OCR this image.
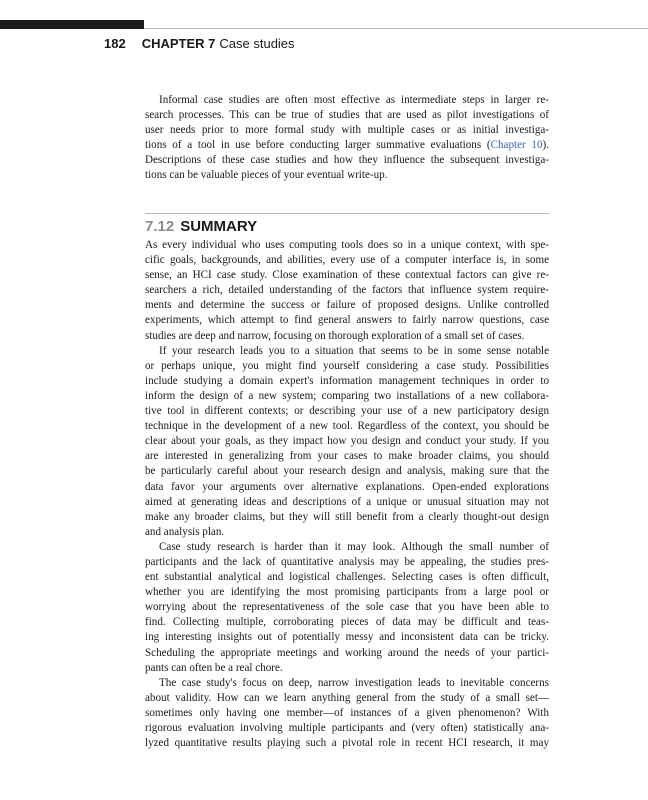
182 CHAPTER 7 Case studies

Informal case studies are often most effective as intermediate steps in larger re-
search processes. This can be true of studies that are used as pilot investigations of
user needs prior to more formal study with multiple cases or as initial investiga-
tions of a tool in use before conducting larger summative evaluations (Chapter 10).
Descriptions of these case studies and how they influence the subsequent investiga-
tions can be valuable pieces of your eventual write-up.

7.12 SUMMARY

As every individual who uses computing tools does so in a unique context, with spe-
cific goals, backgrounds, and abilities, every use of a computer interface is, in some
sense, an HCI case study. Close examination of these contextual factors can give re-
searchers a rich, detailed understanding of the factors that influence system require-
ments and determine the success or failure of proposed designs. Unlike controlled
experiments, which attempt to find general answers to fairly narrow questions, case
studies are deep and narrow, focusing on thorough exploration of a small set of cases.

If your research leads you to a situation that seems to be in some sense notable
or perhaps unique, you might find yourself considering a case study. Possibilities
include studying a domain expert's information management techniques in order to
inform the design of a new system; comparing two installations of a new collabora-
tive tool in different contexts; or describing your use of a new participatory design
technique in the development of a new tool. Regardless of the context, you should be
clear about your goals, as they impact how you design and conduct your study. If you
are interested in generalizing from your cases to make broader claims, you should
be particularly careful about your research design and analysis, making sure that the
data favor your arguments over alternative explanations. Open-ended explorations
aimed at generating ideas and descriptions of a unique or unusual situation may not
make any broader claims, but they will still benefit from a clearly thought-out design
and analysis plan.

Case study research is harder than it may look. Although the small number of
participants and the lack of quantitative analysis may be appealing, the studies pres-
ent substantial analytical and logistical challenges. Selecting cases is often difficult,
whether you are identifying the most promising participants from a large pool or
worrying about the representativeness of the sole case that you have been able to
find. Collecting multiple, corroborating pieces of data may be difficult and teas-
ing interesting insights out of potentially messy and inconsistent data can be tricky.
Scheduling the appropriate meetings and working around the needs of your partici-
pants can often be a real chore.

The case study's focus on deep, narrow investigation leads to inevitable concerns
about validity. How can we learn anything general from the study of a small set—
sometimes only having one member—of instances of a given phenomenon? With
rigorous evaluation involving multiple participants and (very often) statistically ana-
lyzed quantitative results playing such a pivotal role in recent HCI research, it may
